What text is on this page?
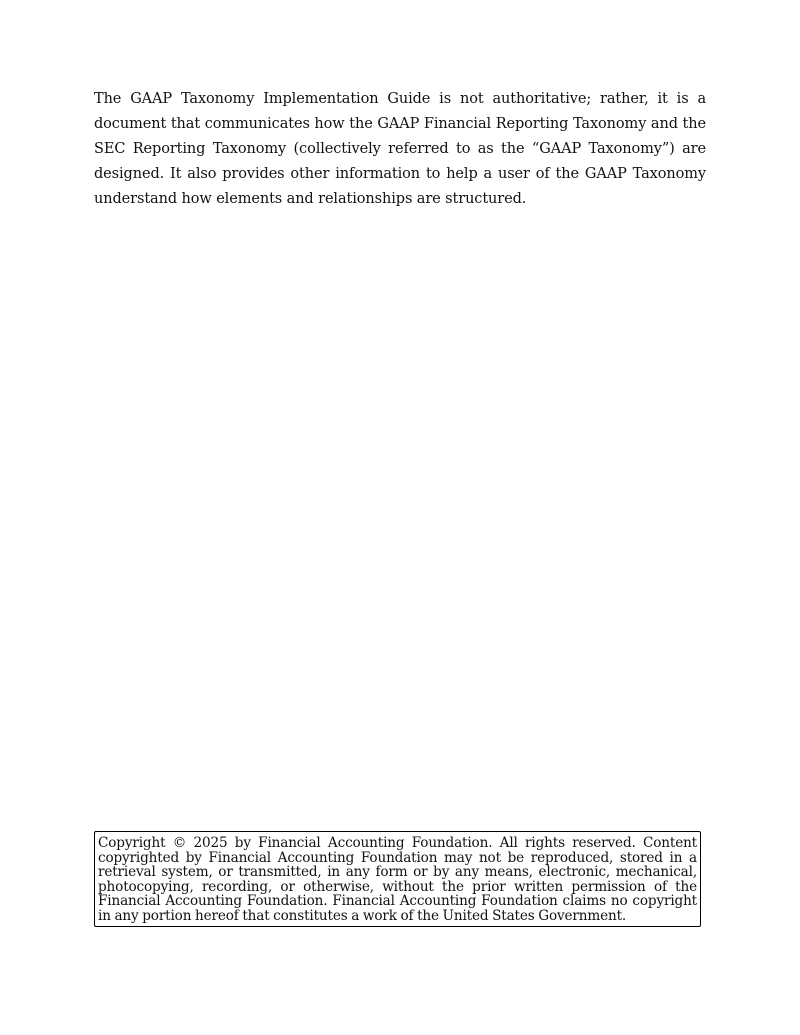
The GAAP Taxonomy Implementation Guide is not authoritative; rather, it is a document that communicates how the GAAP Financial Reporting Taxonomy and the SEC Reporting Taxonomy (collectively referred to as the “GAAP Taxonomy”) are designed. It also provides other information to help a user of the GAAP Taxonomy understand how elements and relationships are structured.

Copyright © 2025 by Financial Accounting Foundation. All rights reserved. Content copyrighted by Financial Accounting Foundation may not be reproduced, stored in a retrieval system, or transmitted, in any form or by any means, electronic, mechanical, photocopying, recording, or otherwise, without the prior written permission of the Financial Accounting Foundation. Financial Accounting Foundation claims no copyright in any portion hereof that constitutes a work of the United States Government.
